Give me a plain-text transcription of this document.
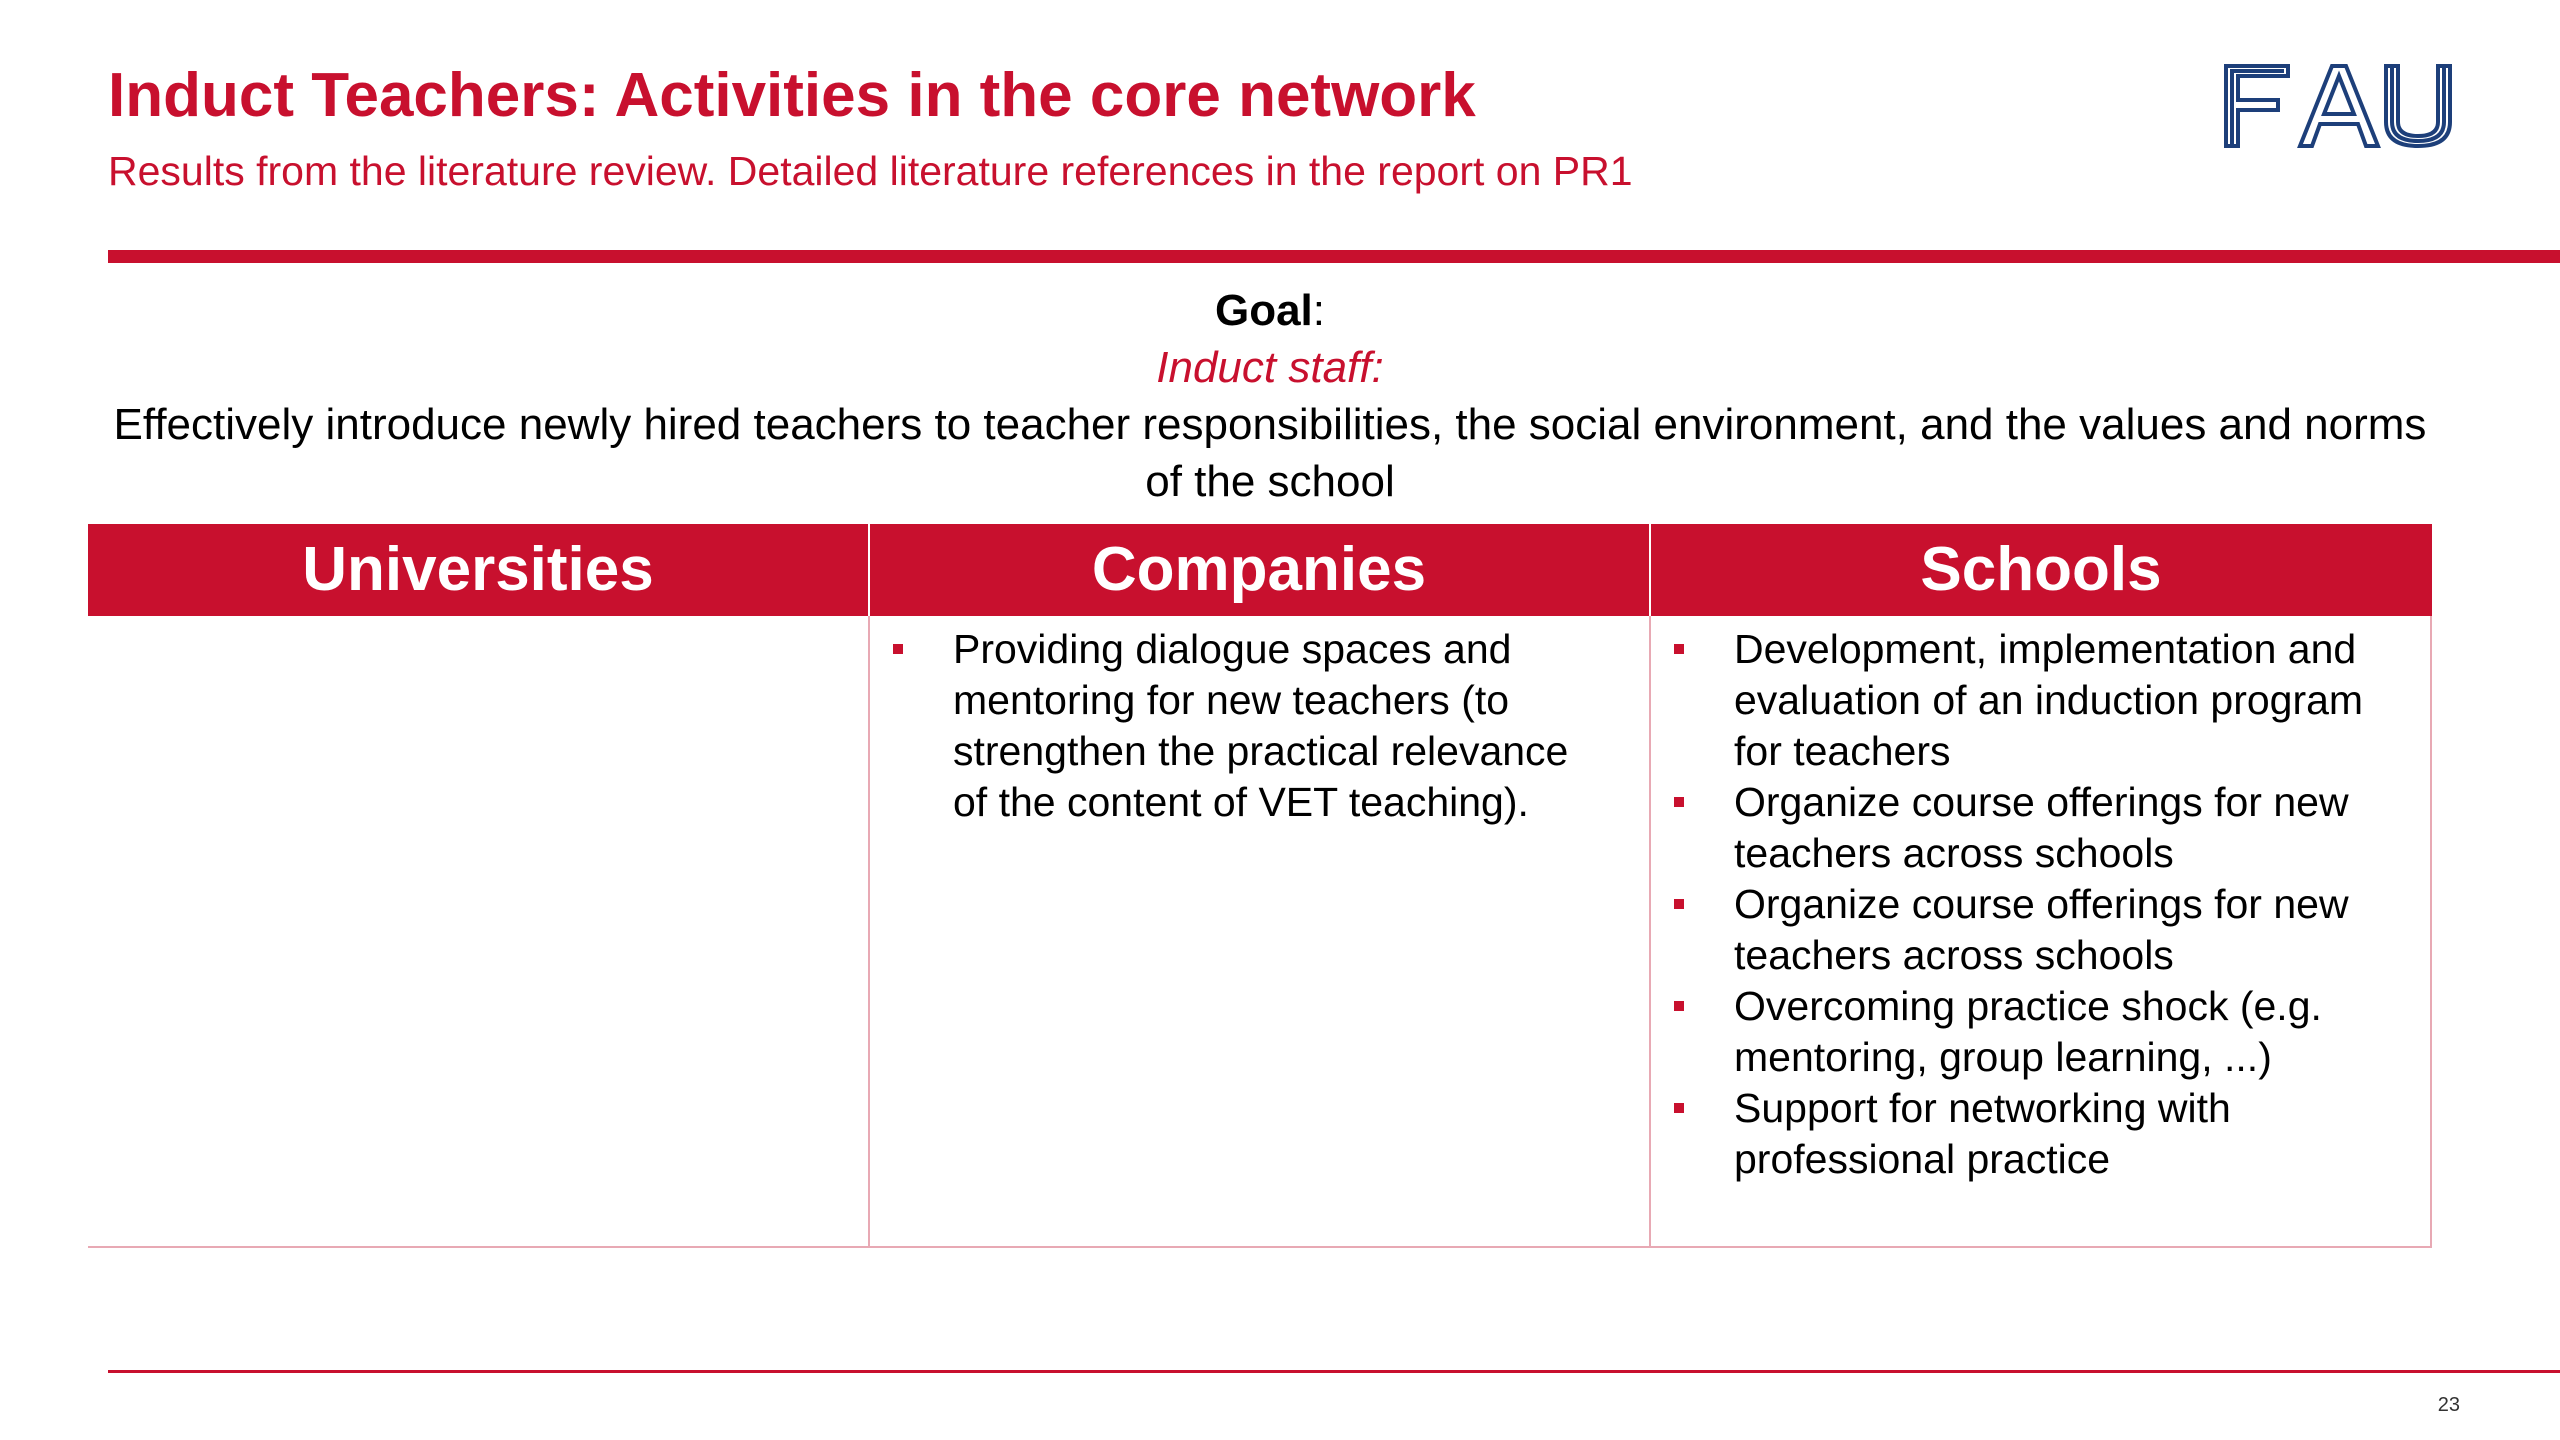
Induct Teachers: Activities in the core network
Results from the literature review. Detailed literature references in the report on PR1
Goal:
Induct staff:
Effectively introduce newly hired teachers to teacher responsibilities, the social environment, and the values and norms of the school
Universities	Companies	Schools
Providing dialogue spaces and mentoring for new teachers (to strengthen the practical relevance of the content of VET teaching).
Development, implementation and evaluation of an induction program for teachers
Organize course offerings for new teachers across schools
Organize course offerings for new teachers across schools
Overcoming practice shock (e.g. mentoring, group learning, ...)
Support for networking with professional practice
23
